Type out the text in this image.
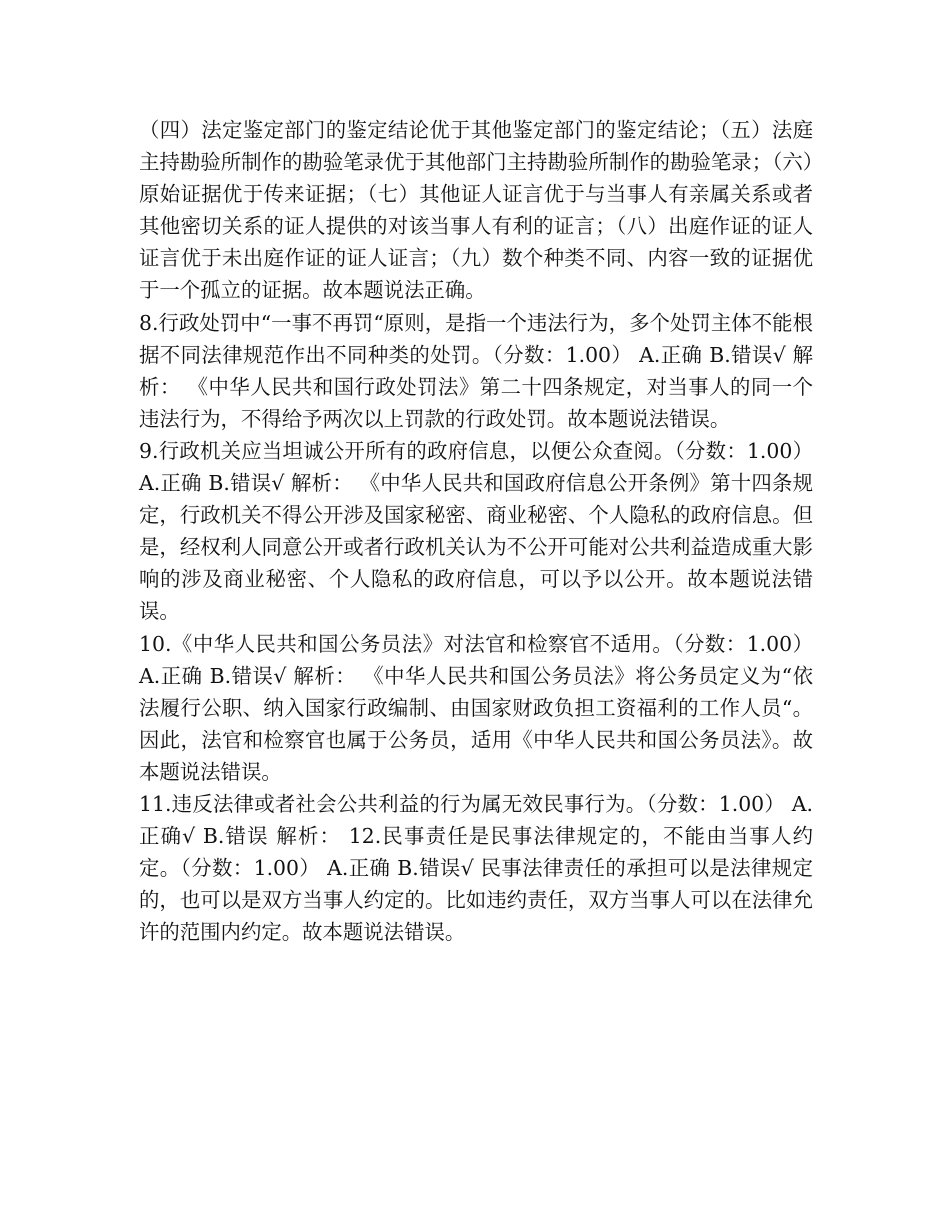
（四）法定鉴定部门的鉴定结论优于其他鉴定部门的鉴定结论；（五）法庭主持勘验所制作的勘验笔录优于其他部门主持勘验所制作的勘验笔录；（六）原始证据优于传来证据；（七）其他证人证言优于与当事人有亲属关系或者其他密切关系的证人提供的对该当事人有利的证言；（八）出庭作证的证人证言优于未出庭作证的证人证言；（九）数个种类不同、内容一致的证据优于一个孤立的证据。故本题说法正确。

8.行政处罚中“一事不再罚“原则，是指一个违法行为，多个处罚主体不能根据不同法律规范作出不同种类的处罚。（分数：1.00） A.正确 B.错误√ 解析： 《中华人民共和国行政处罚法》第二十四条规定，对当事人的同一个违法行为，不得给予两次以上罚款的行政处罚。故本题说法错误。

9.行政机关应当坦诚公开所有的政府信息，以便公众查阅。（分数：1.00） A.正确 B.错误√ 解析： 《中华人民共和国政府信息公开条例》第十四条规定，行政机关不得公开涉及国家秘密、商业秘密、个人隐私的政府信息。但是，经权利人同意公开或者行政机关认为不公开可能对公共利益造成重大影响的涉及商业秘密、个人隐私的政府信息，可以予以公开。故本题说法错误。

10.《中华人民共和国公务员法》对法官和检察官不适用。（分数：1.00） A.正确 B.错误√ 解析： 《中华人民共和国公务员法》将公务员定义为“依法履行公职、纳入国家行政编制、由国家财政负担工资福利的工作人员“。因此，法官和检察官也属于公务员，适用《中华人民共和国公务员法》。故本题说法错误。

11.违反法律或者社会公共利益的行为属无效民事行为。（分数：1.00） A.正确√ B.错误 解析： 12.民事责任是民事法律规定的，不能由当事人约定。（分数：1.00） A.正确 B.错误√ 民事法律责任的承担可以是法律规定的，也可以是双方当事人约定的。比如违约责任，双方当事人可以在法律允许的范围内约定。故本题说法错误。
